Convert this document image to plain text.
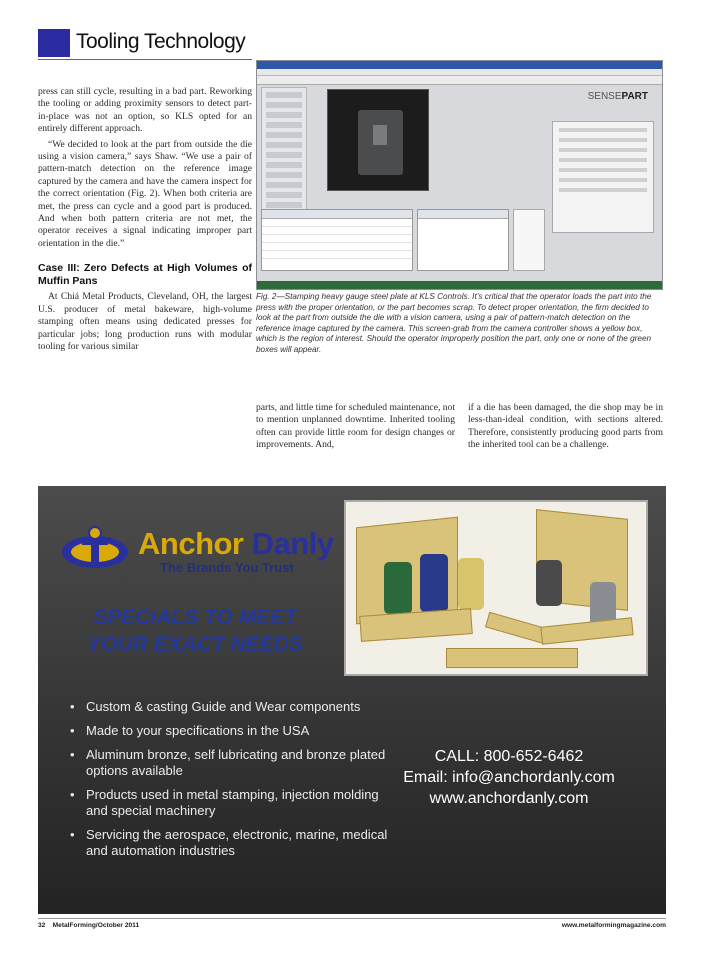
Tooling Technology

press can still cycle, resulting in a bad part. Reworking the tooling or adding proximity sensors to detect part-in-place was not an option, so KLS opted for an entirely different approach.

“We decided to look at the part from outside the die using a vision camera,” says Shaw. “We use a pair of pattern-match detection on the reference image captured by the camera and have the camera inspect for the correct orientation (Fig. 2). When both criteria are met, the press can cycle and a good part is produced. And when both pattern criteria are not met, the operator receives a signal indicating improper part orientation in the die.”

Case III: Zero Defects at High Volumes of Muffin Pans

At Chiá Metal Products, Cleveland, OH, the largest U.S. producer of metal bakeware, high-volume stamping often means using dedicated presses for particular jobs; long production runs with modular tooling for various similar

SENSEPART
Fig. 2—Stamping heavy gauge steel plate at KLS Controls. It’s critical that the operator loads the part into the press with the proper orientation, or the part becomes scrap. To detect proper orientation, the firm decided to look at the part from outside the die with a vision camera, using a pair of pattern-match detection on the reference image captured by the camera. This screen-grab from the camera controller shows a yellow box, which is the region of interest. Should the operator improperly position the part, only one or none of the green boxes will appear.

parts, and little time for scheduled maintenance, not to mention unplanned downtime. Inherited tooling often can provide little room for design changes or improvements. And,

if a die has been damaged, the die shop may be in less-than-ideal condition, with sections altered. Therefore, consistently producing good parts from the inherited tool can be a challenge.

Anchor Danly
The Brands You Trust
SPECIALS TO MEET
YOUR EXACT NEEDS
• Custom & casting Guide and Wear components
• Made to your specifications in the USA
• Aluminum bronze, self lubricating and bronze plated options available
• Products used in metal stamping, injection molding and special machinery
• Servicing the aerospace, electronic, marine, medical and automation industries
CALL: 800-652-6462
Email: info@anchordanly.com
www.anchordanly.com
32    MetalForming/October 2011	www.metalformingmagazine.com
